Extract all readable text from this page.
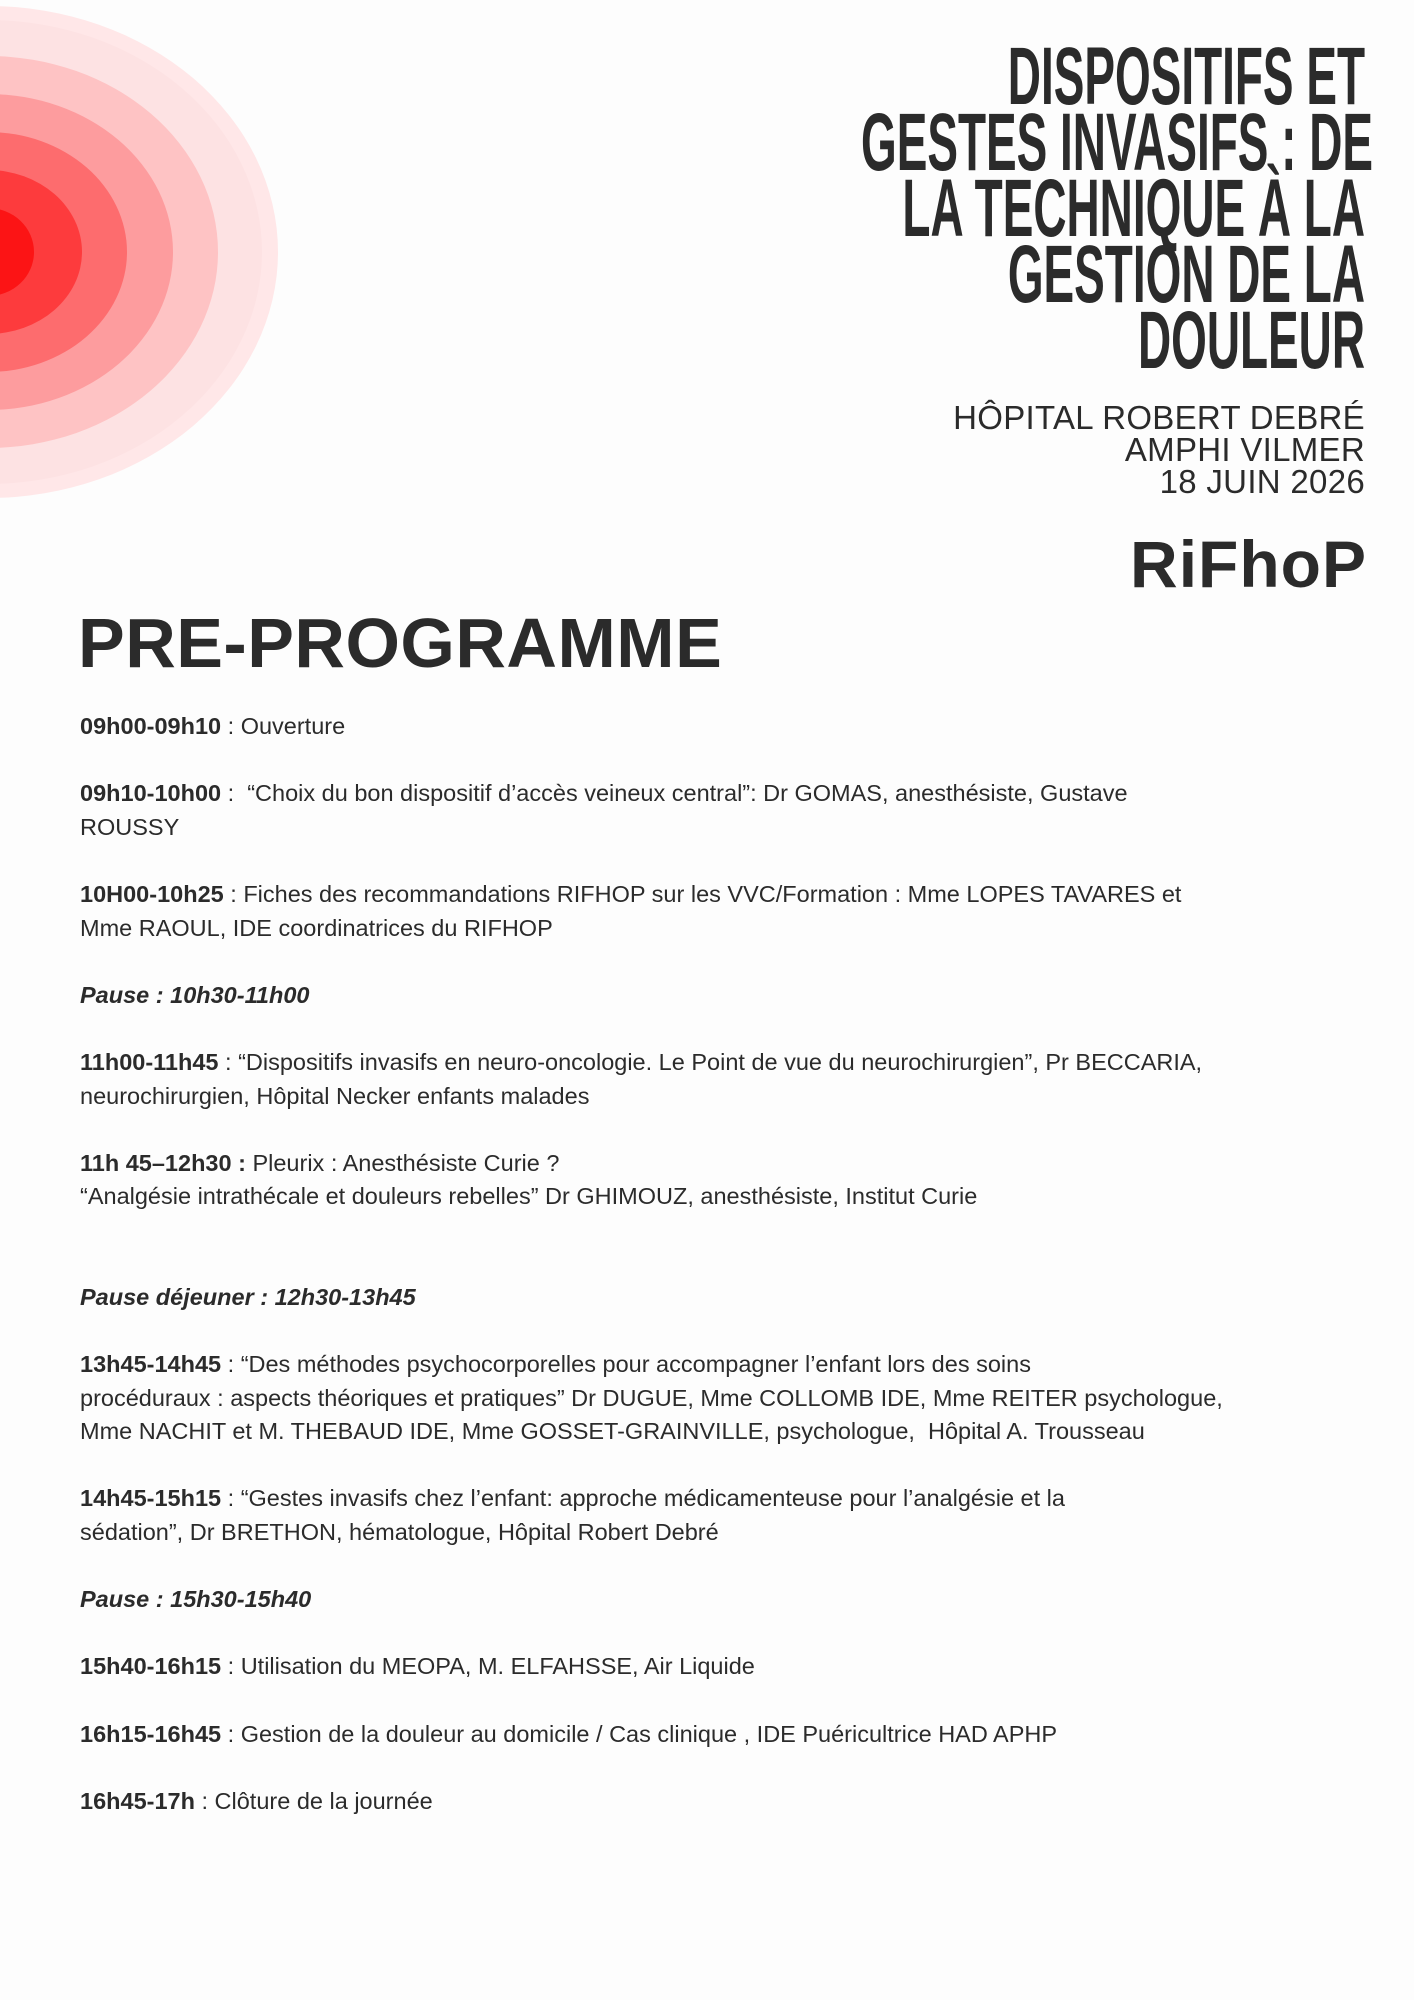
DISPOSITIFS ET
GESTES INVASIFS : DE
LA TECHNIQUE À LA
GESTION DE LA
DOULEUR
HÔPITAL ROBERT DEBRÉ
AMPHI VILMER
18 JUIN 2026
RiFhoP
PRE-PROGRAMME
09h00-09h10 : Ouverture
09h10-10h00 :  “Choix du bon dispositif d’accès veineux central”: Dr GOMAS, anesthésiste, Gustave
ROUSSY
10H00-10h25 : Fiches des recommandations RIFHOP sur les VVC/Formation : Mme LOPES TAVARES et
Mme RAOUL, IDE coordinatrices du RIFHOP
Pause : 10h30-11h00
11h00-11h45 : “Dispositifs invasifs en neuro-oncologie. Le Point de vue du neurochirurgien”, Pr BECCARIA,
neurochirurgien, Hôpital Necker enfants malades
11h 45–12h30 : Pleurix : Anesthésiste Curie ?
“Analgésie intrathécale et douleurs rebelles” Dr GHIMOUZ, anesthésiste, Institut Curie
Pause déjeuner : 12h30-13h45
13h45-14h45 : “Des méthodes psychocorporelles pour accompagner l’enfant lors des soins
procéduraux : aspects théoriques et pratiques” Dr DUGUE, Mme COLLOMB IDE, Mme REITER psychologue,
Mme NACHIT et M. THEBAUD IDE, Mme GOSSET-GRAINVILLE, psychologue,  Hôpital A. Trousseau
14h45-15h15 : “Gestes invasifs chez l’enfant: approche médicamenteuse pour l’analgésie et la
sédation”, Dr BRETHON, hématologue, Hôpital Robert Debré
Pause : 15h30-15h40
15h40-16h15 : Utilisation du MEOPA, M. ELFAHSSE, Air Liquide
16h15-16h45 : Gestion de la douleur au domicile / Cas clinique , IDE Puéricultrice HAD APHP
16h45-17h : Clôture de la journée
